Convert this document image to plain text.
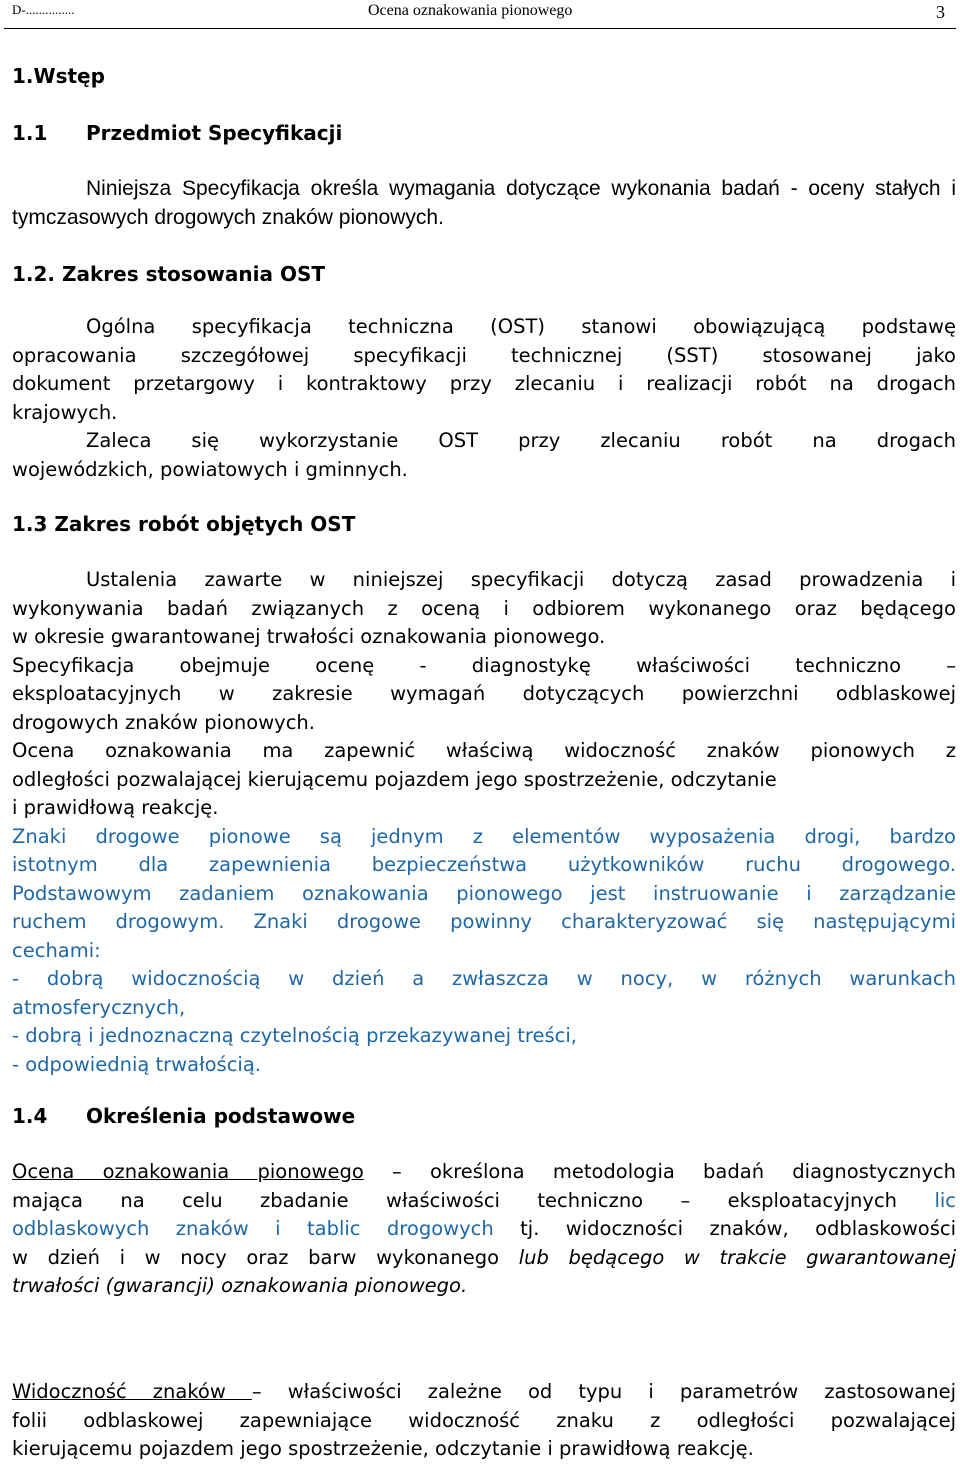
D-...............	Ocena oznakowania pionowego	3
1.Wstęp
1.1 Przedmiot Specyfikacji
Niniejsza Specyfikacja określa wymagania dotyczące wykonania badań - oceny stałych i tymczasowych drogowych znaków pionowych.
1.2. Zakres stosowania OST
Ogólna specyfikacja techniczna (OST) stanowi obowiązującą podstawę
opracowania szczegółowej specyfikacji technicznej (SST) stosowanej jako
dokument przetargowy i kontraktowy przy zlecaniu i realizacji robót na drogach
krajowych.
Zaleca się wykorzystanie OST przy zlecaniu robót na drogach
wojewódzkich, powiatowych i gminnych.
1.3 Zakres robót objętych OST
Ustalenia zawarte w niniejszej specyfikacji dotyczą zasad prowadzenia i
wykonywania badań związanych z oceną i odbiorem wykonanego oraz będącego
w okresie gwarantowanej trwałości oznakowania pionowego.
Specyfikacja obejmuje ocenę - diagnostykę właściwości techniczno –
eksploatacyjnych w zakresie wymagań dotyczących powierzchni odblaskowej
drogowych znaków pionowych.
Ocena oznakowania ma zapewnić właściwą widoczność znaków pionowych z
odległości pozwalającej kierującemu pojazdem jego spostrzeżenie, odczytanie
i prawidłową reakcję.
Znaki drogowe pionowe są jednym z elementów wyposażenia drogi, bardzo
istotnym dla zapewnienia bezpieczeństwa użytkowników ruchu drogowego.
Podstawowym zadaniem oznakowania pionowego jest instruowanie i zarządzanie
ruchem drogowym. Znaki drogowe powinny charakteryzować się następującymi
cechami:
- dobrą widocznością w dzień a zwłaszcza w nocy, w różnych warunkach
atmosferycznych,
- dobrą i jednoznaczną czytelnością przekazywanej treści,
- odpowiednią trwałością.
1.4 Określenia podstawowe
Ocena oznakowania pionowego – określona metodologia badań diagnostycznych
mająca na celu zbadanie właściwości techniczno – eksploatacyjnych lic
odblaskowych znaków i tablic drogowych tj. widoczności znaków, odblaskowości
w dzień i w nocy oraz barw wykonanego lub będącego w trakcie gwarantowanej
trwałości (gwarancji) oznakowania pionowego.
Widoczność znaków – właściwości zależne od typu i parametrów zastosowanej
folii odblaskowej zapewniające widoczność znaku z odległości pozwalającej
kierującemu pojazdem jego spostrzeżenie, odczytanie i prawidłową reakcję.
